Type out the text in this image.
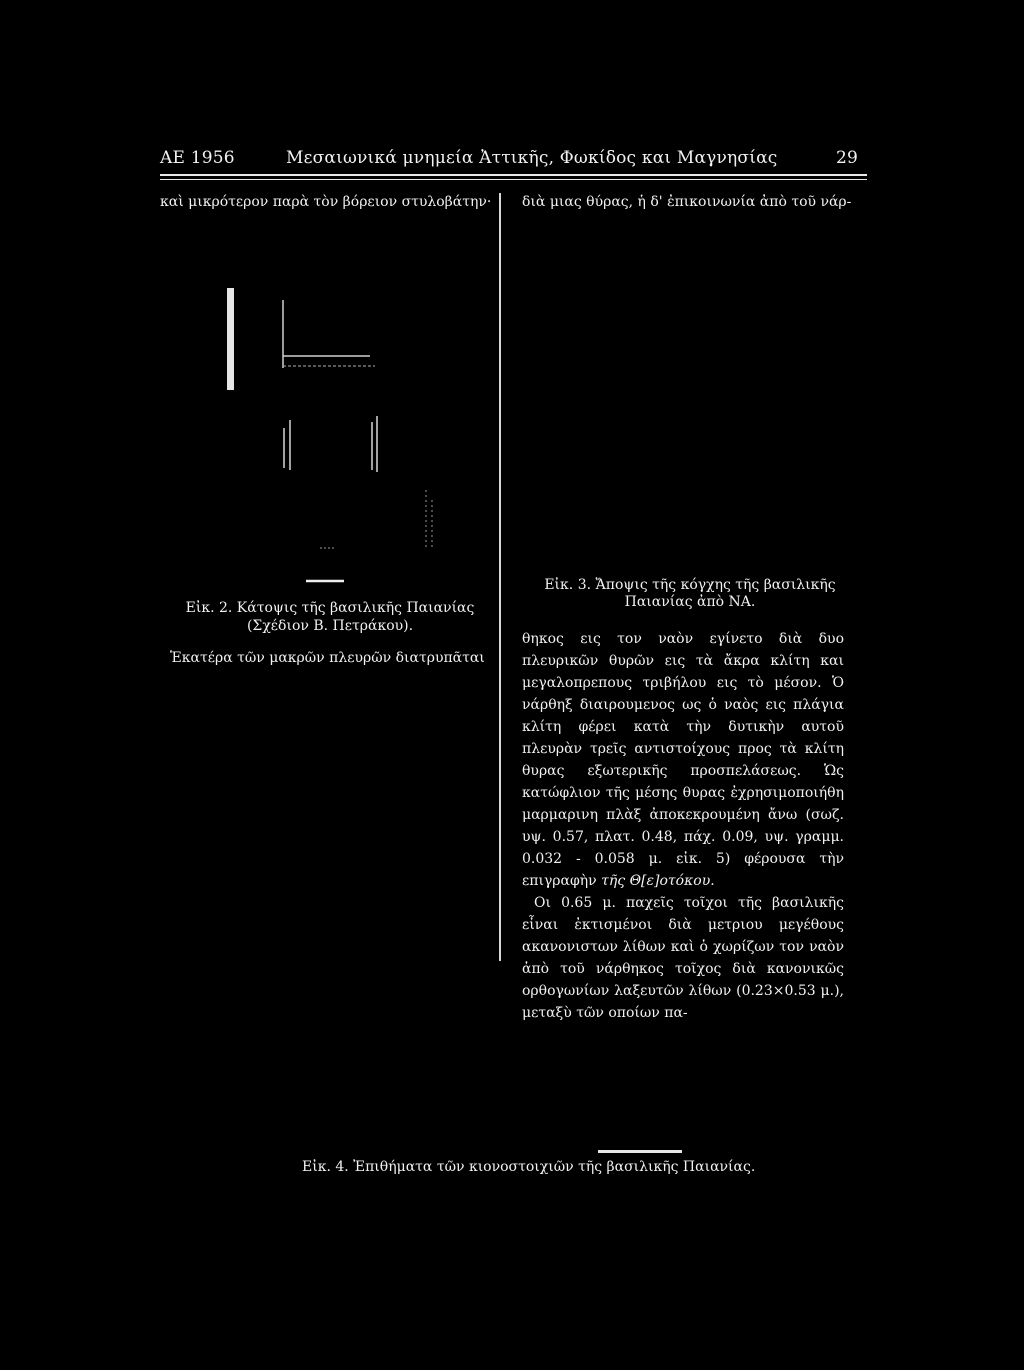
ΑΕ 1956	Μεσαιωνικά μνημεία Ἀττικῆς, Φωκίδος και Μαγνησίας	29
καὶ μικρότερον παρὰ τὸν βόρειον στυλοβάτην·
Εἰκ. 2. Κάτοψις τῆς βασιλικῆς Παιανίας
(Σχέδιον Β. Πετράκου).
Ἑκατέρα τῶν μακρῶν πλευρῶν διατρυπᾶται
διὰ μιας θύρας, ἡ δ' ἐπικοινωνία ἀπὸ τοῦ νάρ-
Εἰκ. 3. Ἄποψις τῆς κόγχης τῆς βασιλικῆς
Παιανίας ἀπὸ ΝΑ.

θηκος εις τον ναὸν εγίνετο διὰ δυο πλευρικῶν θυρῶν εις τὰ ἄκρα κλίτη και μεγαλοπρεπους τριβήλου εις τὸ μέσον. Ὁ νάρθηξ διαιρουμενος ως ὁ ναὸς εις πλάγια κλίτη φέρει κατὰ τὴν δυτικὴν αυτοῦ πλευρὰν τρεῖς αντιστοίχους προς τὰ κλίτη θυρας εξωτερικῆς προσπελάσεως. Ὡς κατώφλιον τῆς μέσης θυρας ἐχρησιμοποιήθη μαρμαρινη πλὰξ ἀποκεκρουμένη ἄνω (σωζ. υψ. 0.57, πλατ. 0.48, πάχ. 0.09, υψ. γραμμ. 0.032 - 0.058 μ. εἰκ. 5) φέρουσα τὴν επιγραφὴν τῆς Θ[ε]οτόκου.

Οι 0.65 μ. παχεῖς τοῖχοι τῆς βασιλικῆς εἶναι ἐκτισμένοι διὰ μετριου μεγέθους ακανονιστων λίθων καὶ ὁ χωρίζων τον ναὸν ἀπὸ τοῦ νάρθηκος τοῖχος διὰ κανονικῶς ορθογωνίων λαξευτῶν λίθων (0.23×0.53 μ.), μεταξὺ τῶν οποίων πα-

Εἰκ. 4. Ἐπιθήματα τῶν κιονοστοιχιῶν τῆς βασιλικῆς Παιανίας.
